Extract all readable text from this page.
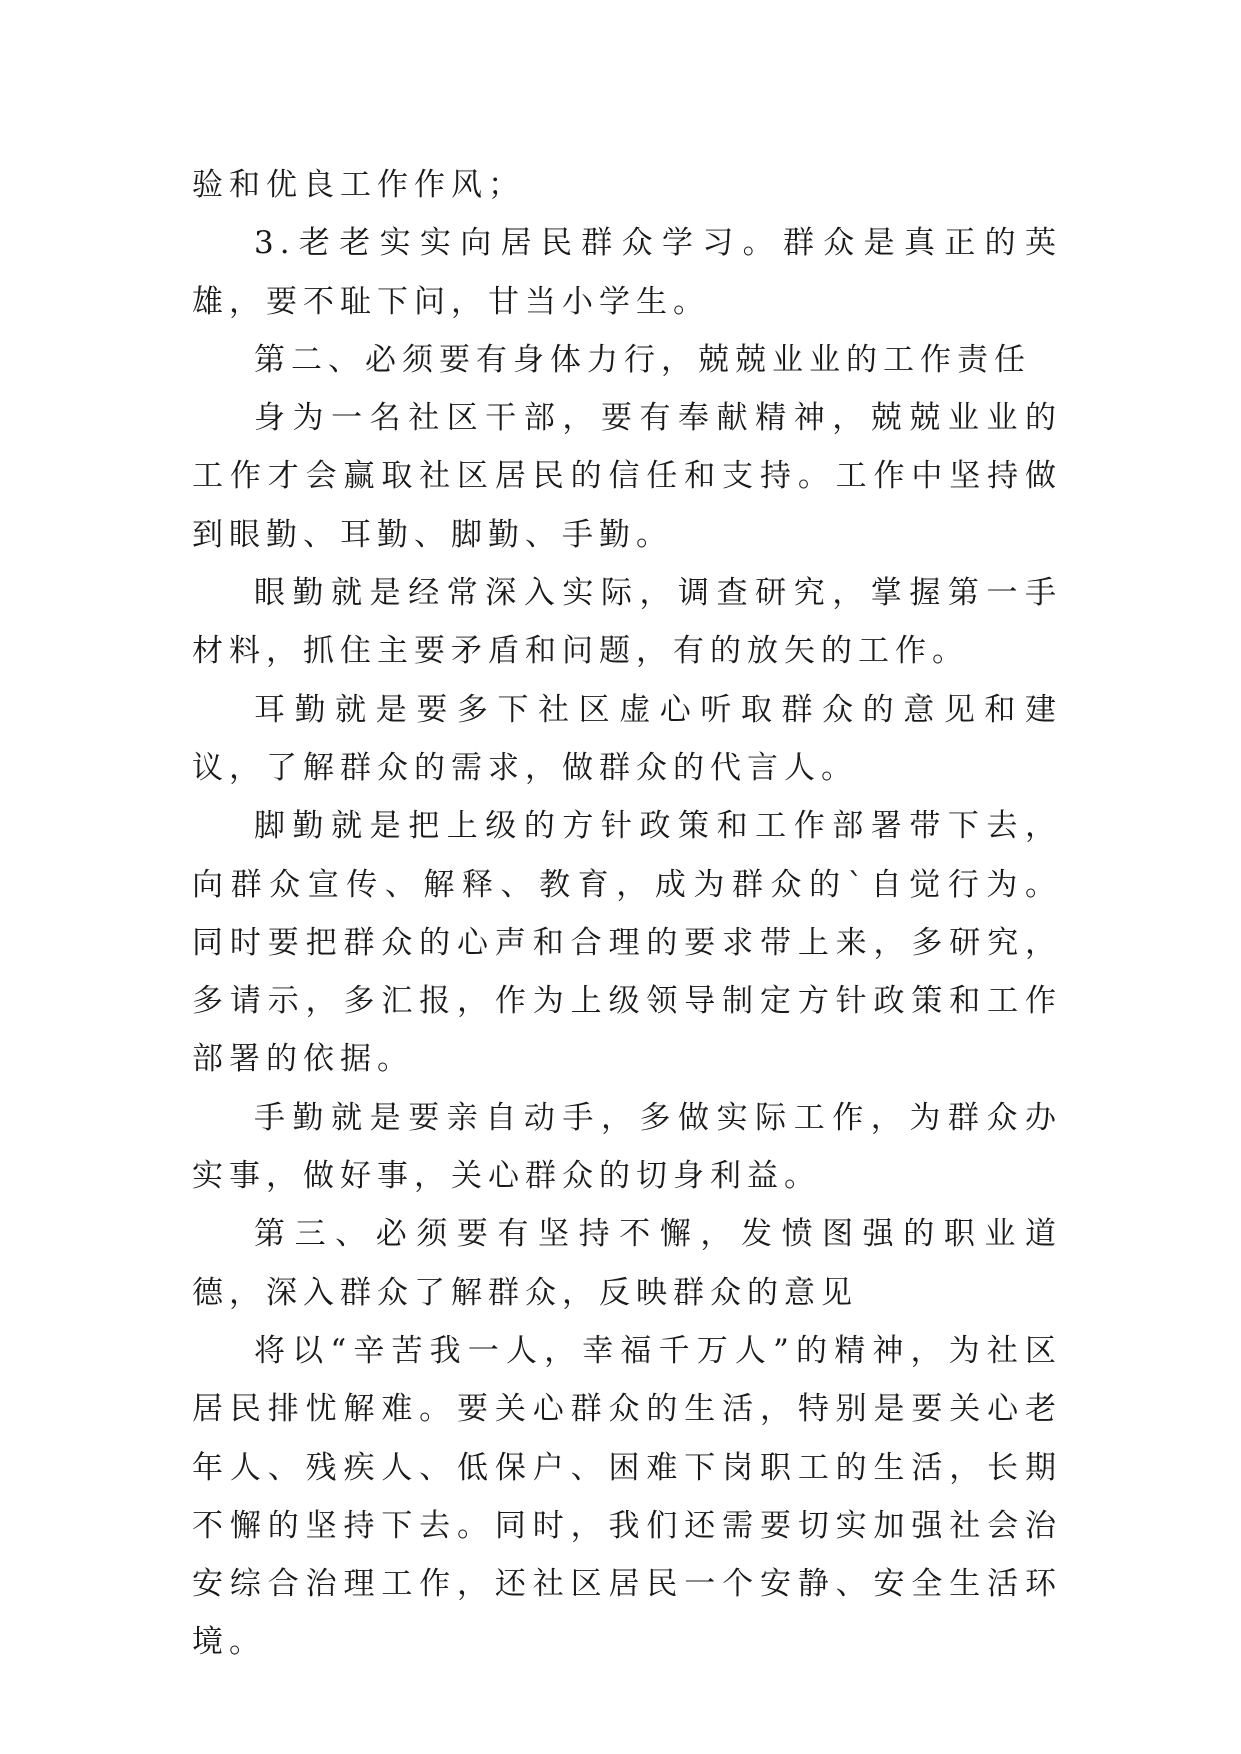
验和优良工作作风；

3.老老实实向居民群众学习。群众是真正的英雄，要不耻下问，甘当小学生。

第二、必须要有身体力行，兢兢业业的工作责任

身为一名社区干部，要有奉献精神，兢兢业业的工作才会赢取社区居民的信任和支持。工作中坚持做到眼勤、耳勤、脚勤、手勤。

眼勤就是经常深入实际，调查研究，掌握第一手材料，抓住主要矛盾和问题，有的放矢的工作。

耳勤就是要多下社区虚心听取群众的意见和建议，了解群众的需求，做群众的代言人。

脚勤就是把上级的方针政策和工作部署带下去，向群众宣传、解释、教育，成为群众的`自觉行为。同时要把群众的心声和合理的要求带上来，多研究，多请示，多汇报，作为上级领导制定方针政策和工作部署的依据。

手勤就是要亲自动手，多做实际工作，为群众办实事，做好事，关心群众的切身利益。

第三、必须要有坚持不懈，发愤图强的职业道德，深入群众了解群众，反映群众的意见

将以“辛苦我一人，幸福千万人”的精神，为社区居民排忧解难。要关心群众的生活，特别是要关心老年人、残疾人、低保户、困难下岗职工的生活，长期不懈的坚持下去。同时，我们还需要切实加强社会治安综合治理工作，还社区居民一个安静、安全生活环境。
